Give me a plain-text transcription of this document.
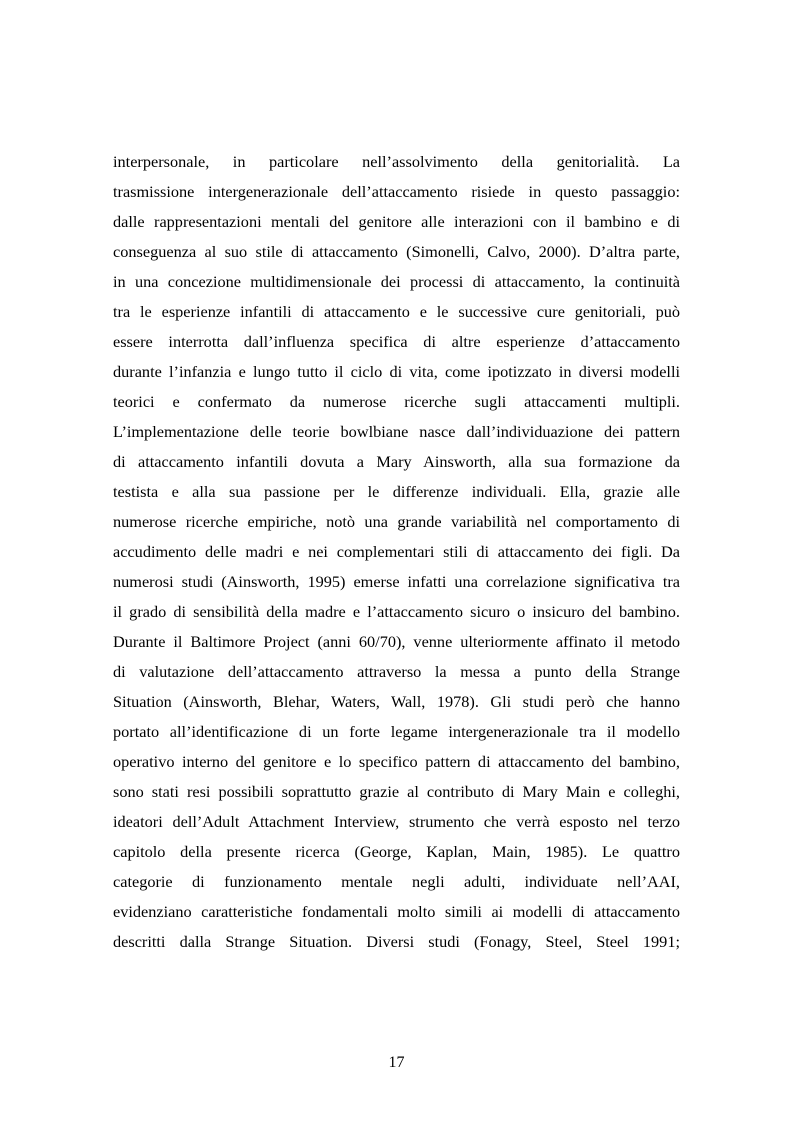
interpersonale, in particolare nell’assolvimento della genitorialità. La
trasmissione intergenerazionale dell’attaccamento risiede in questo passaggio:
dalle rappresentazioni mentali del genitore alle interazioni con il bambino e di
conseguenza al suo stile di attaccamento (Simonelli, Calvo, 2000). D’altra parte,
in una concezione multidimensionale dei processi di attaccamento, la continuità
tra le esperienze infantili di attaccamento e le successive cure genitoriali, può
essere interrotta dall’influenza specifica di altre esperienze d’attaccamento
durante l’infanzia e lungo tutto il ciclo di vita, come ipotizzato in diversi modelli
teorici e confermato da numerose ricerche sugli attaccamenti multipli.
L’implementazione delle teorie bowlbiane nasce dall’individuazione dei pattern
di attaccamento infantili dovuta a Mary Ainsworth, alla sua formazione da
testista e alla sua passione per le differenze individuali. Ella, grazie alle
numerose ricerche empiriche, notò una grande variabilità nel comportamento di
accudimento delle madri e nei complementari stili di attaccamento dei figli. Da
numerosi studi (Ainsworth, 1995) emerse infatti una correlazione significativa tra
il grado di sensibilità della madre e l’attaccamento sicuro o insicuro del bambino.
Durante il Baltimore Project (anni 60/70), venne ulteriormente affinato il metodo
di valutazione dell’attaccamento attraverso la messa a punto della Strange
Situation (Ainsworth, Blehar, Waters, Wall, 1978). Gli studi però che hanno
portato all’identificazione di un forte legame intergenerazionale tra il modello
operativo interno del genitore e lo specifico pattern di attaccamento del bambino,
sono stati resi possibili soprattutto grazie al contributo di Mary Main e colleghi,
ideatori dell’Adult Attachment Interview, strumento che verrà esposto nel terzo
capitolo della presente ricerca (George, Kaplan, Main, 1985). Le quattro
categorie di funzionamento mentale negli adulti, individuate nell’AAI,
evidenziano caratteristiche fondamentali molto simili ai modelli di attaccamento
descritti dalla Strange Situation. Diversi studi (Fonagy, Steel, Steel 1991;
17
